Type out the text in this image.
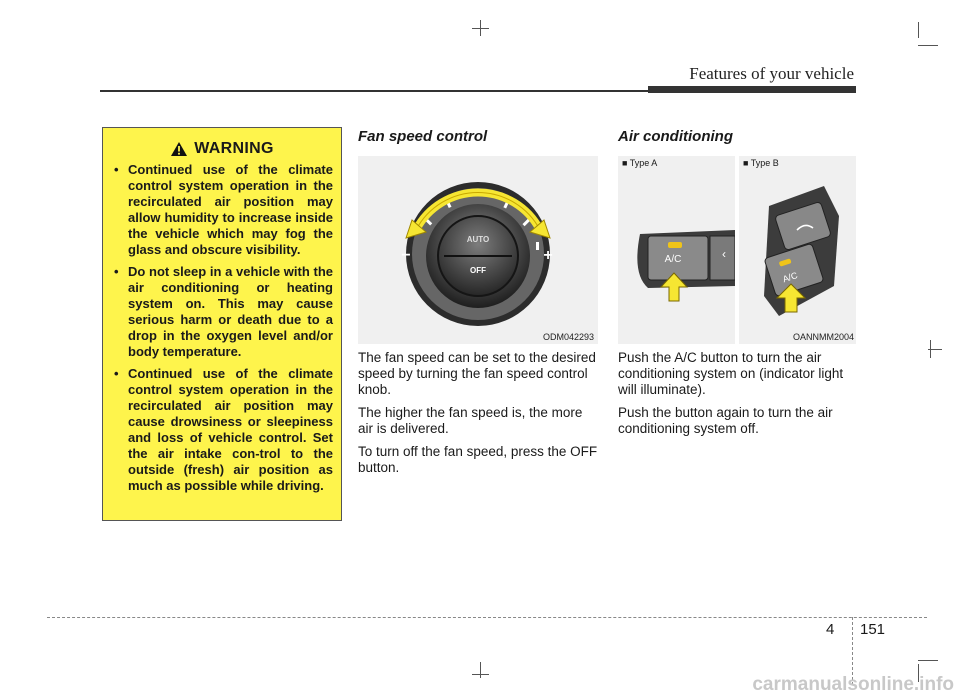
Features of your vehicle
WARNING
• Continued use of the climate control system operation in the recirculated air position may allow humidity to increase inside the vehicle which may fog the glass and obscure visibility.
• Do not sleep in a vehicle with the air conditioning or heating system on. This may cause serious harm or death due to a drop in the oxygen level and/or body temperature.
• Continued use of the climate control system operation in the recirculated air position may cause drowsiness or sleepiness and loss of vehicle control. Set the air intake con-trol to the outside (fresh) air position as much as possible while driving.
Fan speed control
AUTO
OFF
−	+
ODM042293

The fan speed can be set to the desired speed by turning the fan speed control knob.

The higher the fan speed is, the more air is delivered.

To turn off the fan speed, press the OFF button.

Air conditioning
■ Type A
‹
A/C
■ Type B
A/C
OANNMM2004

Push the A/C button to turn the air conditioning system on (indicator light will illuminate).

Push the button again to turn the air conditioning system off.

4 151
carmanualsonline.info
